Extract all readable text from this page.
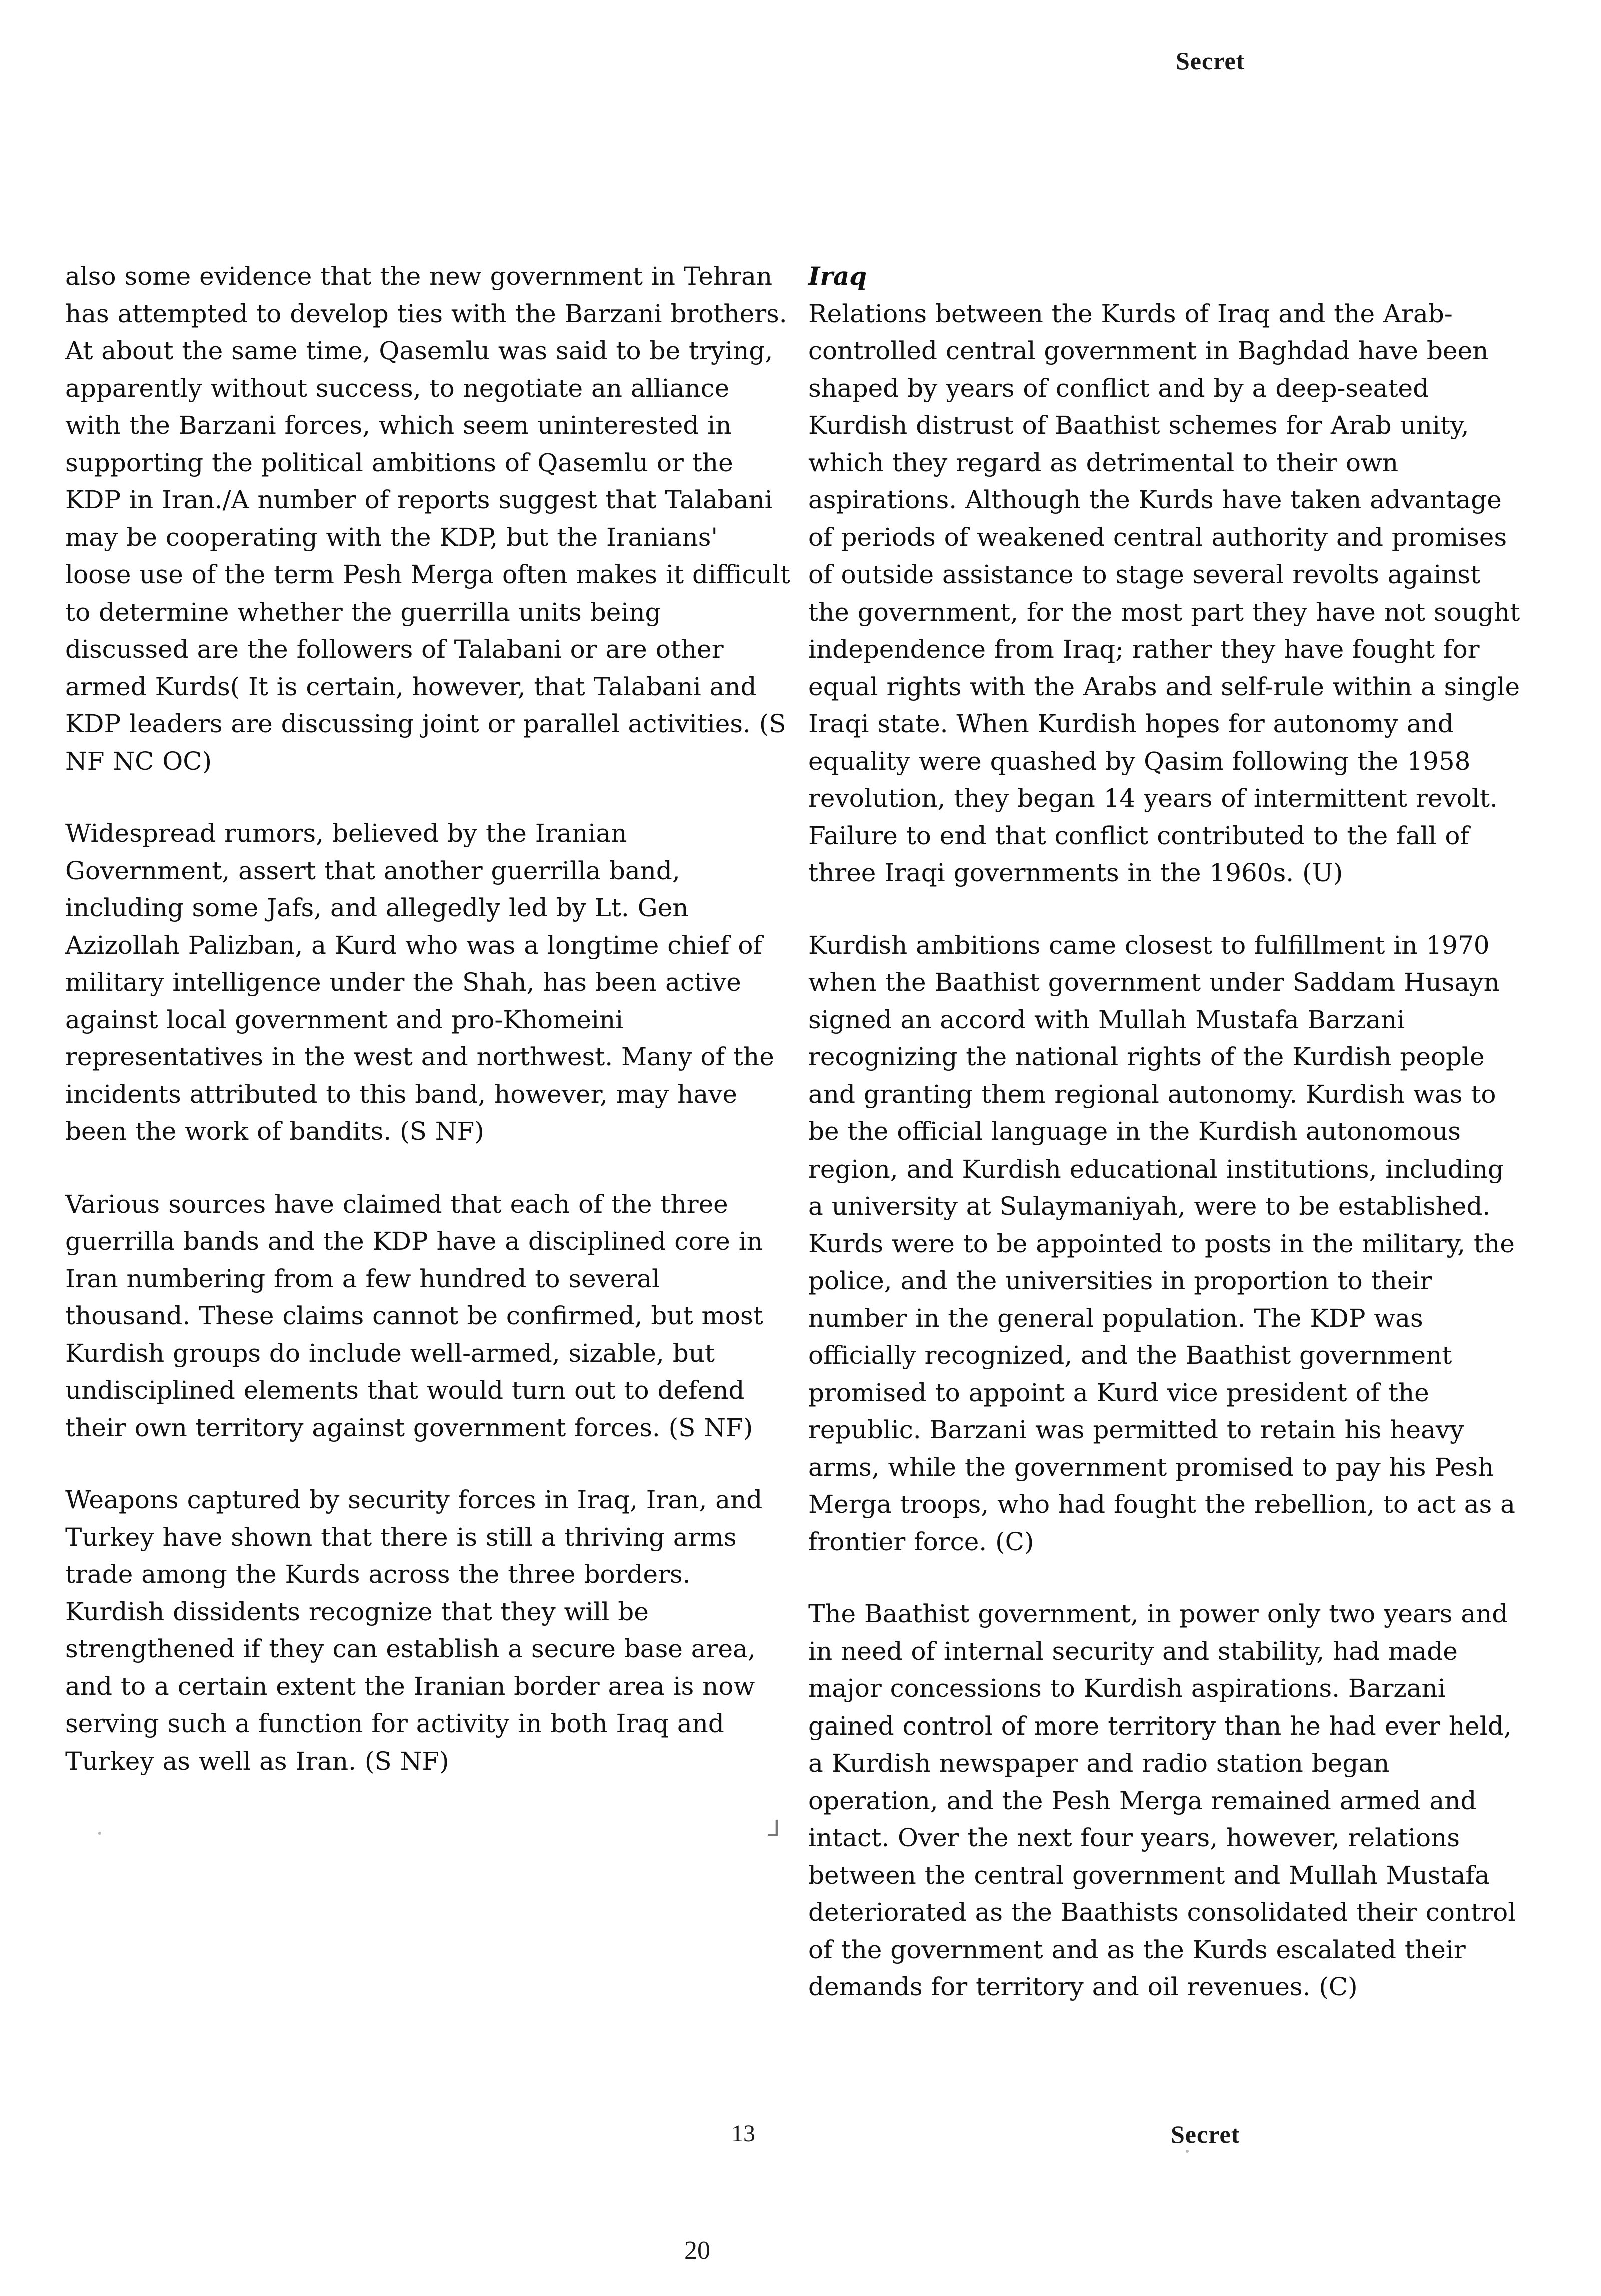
Secret

also some evidence that the new government in Tehran has attempted to develop ties with the Barzani brothers. At about the same time, Qasemlu was said to be trying, apparently without success, to negotiate an alliance with the Barzani forces, which seem uninterested in supporting the political ambitions of Qasemlu or the KDP in Iran./A number of reports suggest that Talabani may be cooperating with the KDP, but the Iranians' loose use of the term Pesh Merga often makes it difficult to determine whether the guerrilla units being discussed are the followers of Talabani or are other armed Kurds( It is certain, however, that Talabani and KDP leaders are discussing joint or parallel activities. (S NF NC OC)

Widespread rumors, believed by the Iranian Government, assert that another guerrilla band, including some Jafs, and allegedly led by Lt. Gen Azizollah Palizban, a Kurd who was a longtime chief of military intelligence under the Shah, has been active against local government and pro-Khomeini representatives in the west and northwest. Many of the incidents attributed to this band, however, may have been the work of bandits. (S NF)

Various sources have claimed that each of the three guerrilla bands and the KDP have a disciplined core in Iran numbering from a few hundred to several thousand. These claims cannot be confirmed, but most Kurdish groups do include well-armed, sizable, but undisciplined elements that would turn out to defend their own territory against government forces. (S NF)

Weapons captured by security forces in Iraq, Iran, and Turkey have shown that there is still a thriving arms trade among the Kurds across the three borders. Kurdish dissidents recognize that they will be strengthened if they can establish a secure base area, and to a certain extent the Iranian border area is now serving such a function for activity in both Iraq and Turkey as well as Iran. (S NF)

Iraq

Relations between the Kurds of Iraq and the Arab-controlled central government in Baghdad have been shaped by years of conflict and by a deep-seated Kurdish distrust of Baathist schemes for Arab unity, which they regard as detrimental to their own aspirations. Although the Kurds have taken advantage of periods of weakened central authority and promises of outside assistance to stage several revolts against the government, for the most part they have not sought independence from Iraq; rather they have fought for equal rights with the Arabs and self-rule within a single Iraqi state. When Kurdish hopes for autonomy and equality were quashed by Qasim following the 1958 revolution, they began 14 years of intermittent revolt. Failure to end that conflict contributed to the fall of three Iraqi governments in the 1960s. (U)

Kurdish ambitions came closest to fulfillment in 1970 when the Baathist government under Saddam Husayn signed an accord with Mullah Mustafa Barzani recognizing the national rights of the Kurdish people and granting them regional autonomy. Kurdish was to be the official language in the Kurdish autonomous region, and Kurdish educational institutions, including a university at Sulaymaniyah, were to be established. Kurds were to be appointed to posts in the military, the police, and the universities in proportion to their number in the general population. The KDP was officially recognized, and the Baathist government promised to appoint a Kurd vice president of the republic. Barzani was permitted to retain his heavy arms, while the government promised to pay his Pesh Merga troops, who had fought the rebellion, to act as a frontier force. (C)

The Baathist government, in power only two years and in need of internal security and stability, had made major concessions to Kurdish aspirations. Barzani gained control of more territory than he had ever held, a Kurdish newspaper and radio station began operation, and the Pesh Merga remained armed and intact. Over the next four years, however, relations between the central government and Mullah Mustafa deteriorated as the Baathists consolidated their control of the government and as the Kurds escalated their demands for territory and oil revenues. (C)

⅃
13	Secret
20
